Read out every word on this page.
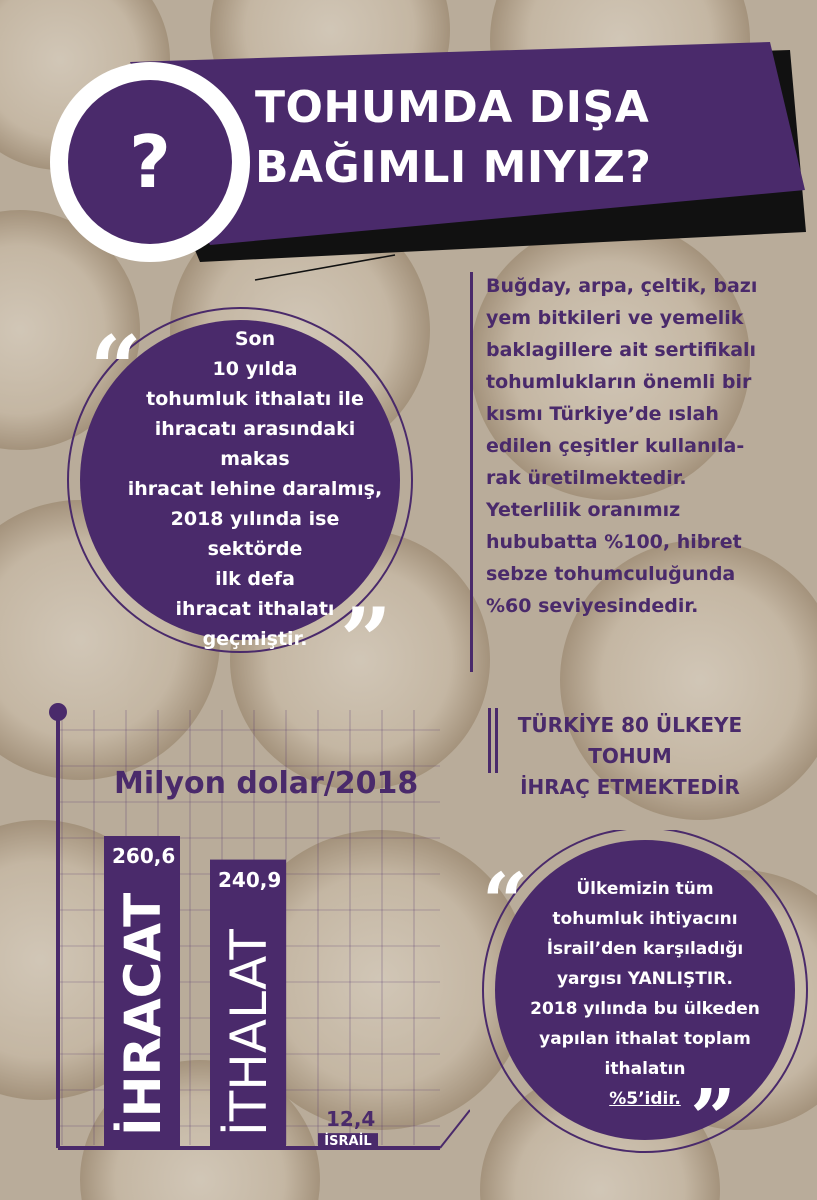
?
TOHUMDA DIŞA
BAĞIMLI MIYIZ?
“
”
Son
10 yılda
tohumluk ithalatı ile
ihracatı arasındaki makas
ihracat lehine daralmış,
2018 yılında ise sektörde
ilk defa
ihracat ithalatı
geçmiştir.
Buğday, arpa, çeltik, bazı
yem bitkileri ve yemelik
baklagillere ait sertifikalı
tohumlukların önemli bir
kısmı Türkiye’de ıslah
edilen çeşitler kullanıla-
rak üretilmektedir.
Yeterlilik oranımız
hububatta %100, hibret
sebze tohumculuğunda
%60 seviyesindedir.
TÜRKİYE 80 ÜLKEYE
TOHUM
İHRAÇ ETMEKTEDİR
Milyon dolar/2018
260,6
İHRACAT
240,9
İTHALAT 12,4
İSRAİL
“
”
Ülkemizin tüm
tohumluk ihtiyacını
İsrail’den karşıladığı
yargısı YANLIŞTIR.
2018 yılında bu ülkeden
yapılan ithalat toplam
ithalatın
%5’idir.
